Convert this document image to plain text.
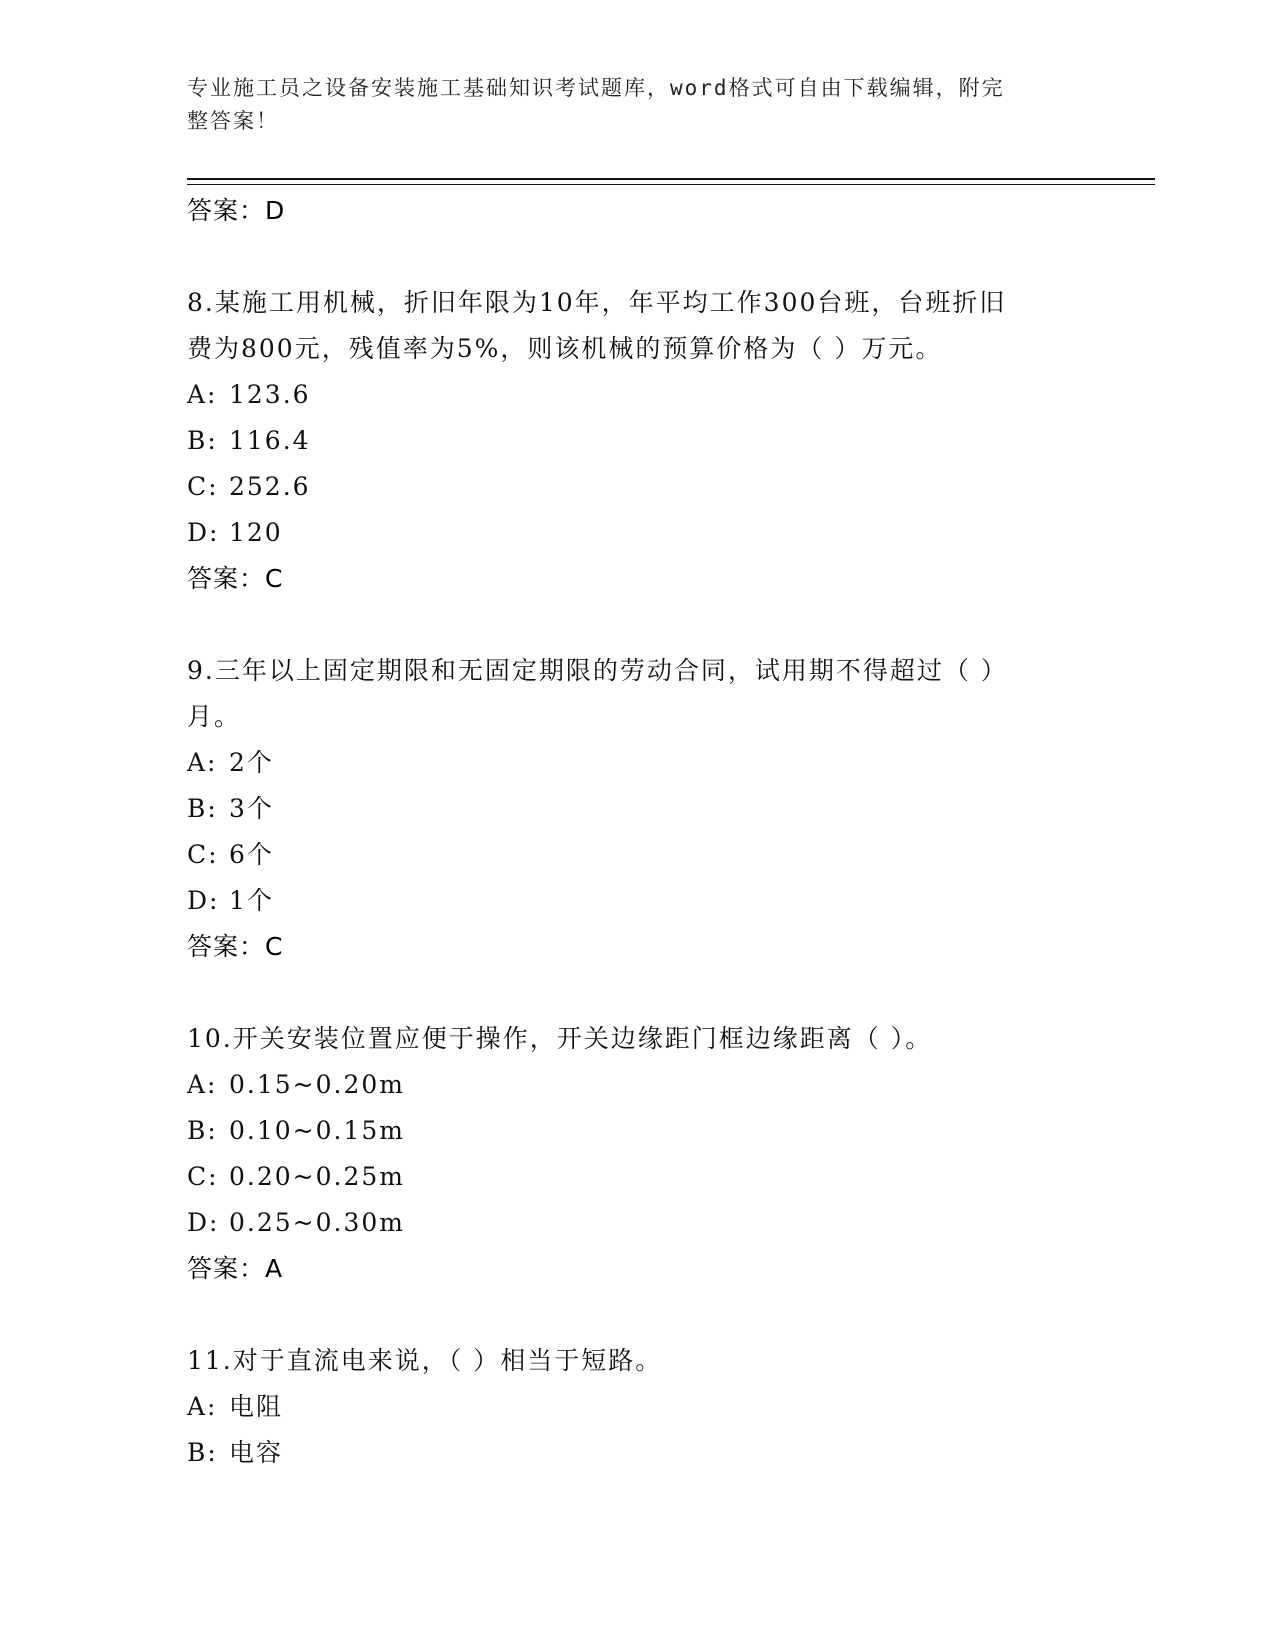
专业施工员之设备安装施工基础知识考试题库，word格式可自由下载编辑，附完
整答案！
答案：D
8.某施工用机械，折旧年限为10年，年平均工作300台班，台班折旧
费为800元，残值率为5%，则该机械的预算价格为（ ）万元。
A: 123.6
B: 116.4
C: 252.6
D: 120
答案：C
9.三年以上固定期限和无固定期限的劳动合同，试用期不得超过（ ）
月。
A: 2个
B: 3个
C: 6个
D: 1个
答案：C
10.开关安装位置应便于操作，开关边缘距门框边缘距离（ ）。
A: 0.15~0.20m
B: 0.10~0.15m
C: 0.20~0.25m
D: 0.25~0.30m
答案：A
11.对于直流电来说，（ ）相当于短路。
A: 电阻
B: 电容
